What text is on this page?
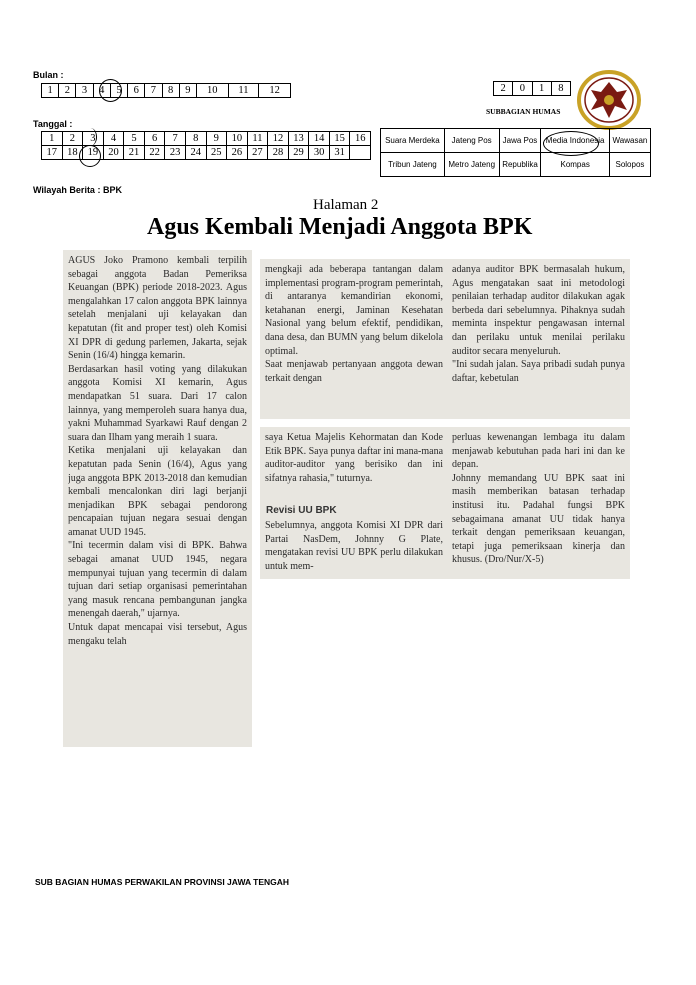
Bulan :
1	2	3	4	5	6	7	8	9	10	11	12
Tanggal :
1	2	3	4	5	6	7	8	9	10	11	12	13	14	15	16
17	18	19	20	21	22	23	24	25	26	27	28	29	30	31	
2	0	1	8
SUBBAGIAN HUMAS
Suara Merdeka	Jateng Pos	Jawa Pos	Media Indonesia	Wawasan
Tribun Jateng	Metro Jateng	Republika	Kompas	Solopos
Wilayah Berita : BPK
Halaman 2
Agus Kembali Menjadi Anggota BPK
AGUS Joko Pramono kembali terpilih sebagai anggota Badan Pemeriksa Keuangan (BPK) periode 2018-2023. Agus mengalahkan 17 calon anggota BPK lainnya setelah menjalani uji kelayakan dan kepatutan (fit and proper test) oleh Komisi XI DPR di gedung parlemen, Jakarta, sejak Senin (16/4) hingga kemarin.
Berdasarkan hasil voting yang dilakukan anggota Komisi XI kemarin, Agus mendapatkan 51 suara. Dari 17 calon lainnya, yang memperoleh suara hanya dua, yakni Muhammad Syarkawi Rauf dengan 2 suara dan Ilham yang meraih 1 suara.
Ketika menjalani uji kelayakan dan kepatutan pada Senin (16/4), Agus yang juga anggota BPK 2013-2018 dan kemudian kembali mencalonkan diri lagi berjanji menjadikan BPK sebagai pendorong pencapaian tujuan negara sesuai dengan amanat UUD 1945.
"Ini tecermin dalam visi di BPK. Bahwa sebagai amanat UUD 1945, negara mempunyai tujuan yang tecermin di dalam tujuan dari setiap organisasi pemerintahan yang masuk rencana pembangunan jangka menengah daerah," ujarnya.
Untuk dapat mencapai visi tersebut, Agus mengaku telah
mengkaji ada beberapa tantangan dalam implementasi program-program pemerintah, di antaranya kemandirian ekonomi, ketahanan energi, Jaminan Kesehatan Nasional yang belum efektif, pendidikan, dana desa, dan BUMN yang belum dikelola optimal.
Saat menjawab pertanyaan anggota dewan terkait dengan
adanya auditor BPK bermasalah hukum, Agus mengatakan saat ini metodologi penilaian terhadap auditor dilakukan agak berbeda dari sebelumnya. Pihaknya sudah meminta inspektur pengawasan internal dan perilaku untuk menilai perilaku auditor secara menyeluruh.
"Ini sudah jalan. Saya pribadi sudah punya daftar, kebetulan
saya Ketua Majelis Kehormatan dan Kode Etik BPK. Saya punya daftar ini mana-mana auditor-auditor yang berisiko dan ini sifatnya rahasia," tuturnya.
Revisi UU BPK
Sebelumnya, anggota Komisi XI DPR dari Partai NasDem, Johnny G Plate, mengatakan revisi UU BPK perlu dilakukan untuk mem-
perluas kewenangan lembaga itu dalam menjawab kebutuhan pada hari ini dan ke depan.
Johnny memandang UU BPK saat ini masih memberikan batasan terhadap institusi itu. Padahal fungsi BPK sebagaimana amanat UU tidak hanya terkait dengan pemeriksaan keuangan, tetapi juga pemeriksaan kinerja dan khusus. (Dro/Nur/X-5)
SUB BAGIAN HUMAS PERWAKILAN PROVINSI JAWA TENGAH
